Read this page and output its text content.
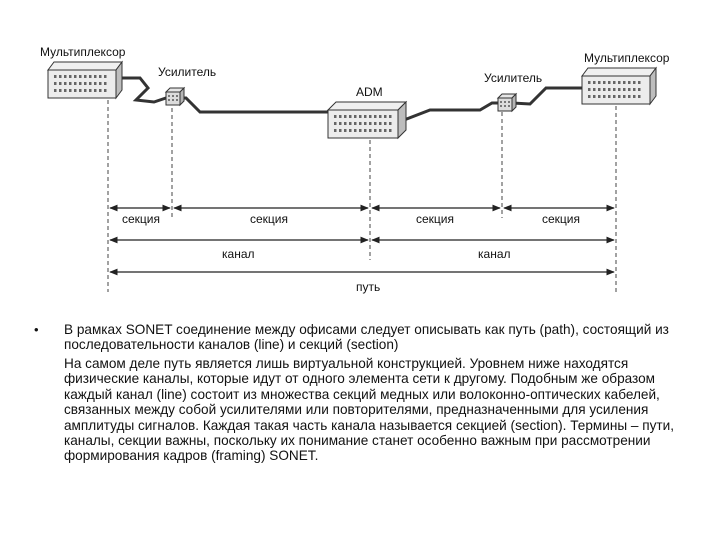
Мультиплексор
Усилитель
ADM
Усилитель
Мультиплексор
секция	секция	секция	секция
канал	канал
путь
• В рамках SONET соединение между офисами следует описывать как путь (path), состоящий из последовательности каналов (line) и секций (section)

На самом деле путь является лишь виртуальной конструкцией. Уровнем ниже находятся физические каналы, которые идут от одного элемента сети к другому. Подобным же образом каждый канал (line) состоит из множества секций медных или волоконно-оптических кабелей, связанных между собой усилителями или повторителями, предназначенными для усиления амплитуды сигналов. Каждая такая часть канала называется секцией (section). Термины – пути, каналы, секции важны, поскольку их понимание станет особенно важным при рассмотрении формирования кадров (framing) SONET.
